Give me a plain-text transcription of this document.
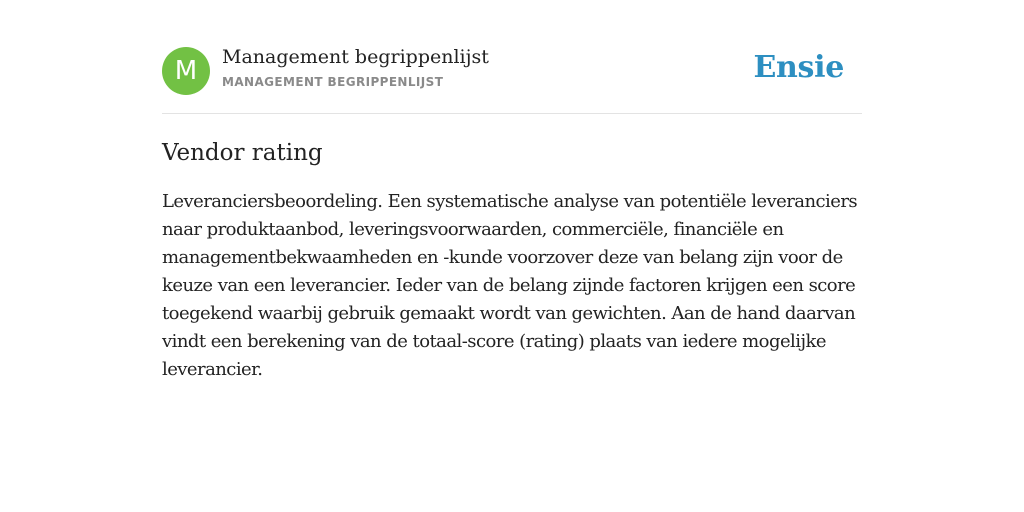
M	Management begrippenlijst
MANAGEMENT BEGRIPPENLIJST	Ensie
Vendor rating

Leveranciersbeoordeling. Een systematische analyse van potentiële leveranciers naar produktaanbod, leveringsvoorwaarden, commerciële, financiële en managementbekwaamheden en -kunde voorzover deze van belang zijn voor de keuze van een leverancier. Ieder van de belang zijnde factoren krijgen een score toegekend waarbij gebruik gemaakt wordt van gewichten. Aan de hand daarvan vindt een berekening van de totaal-score (rating) plaats van iedere mogelijke leverancier.
